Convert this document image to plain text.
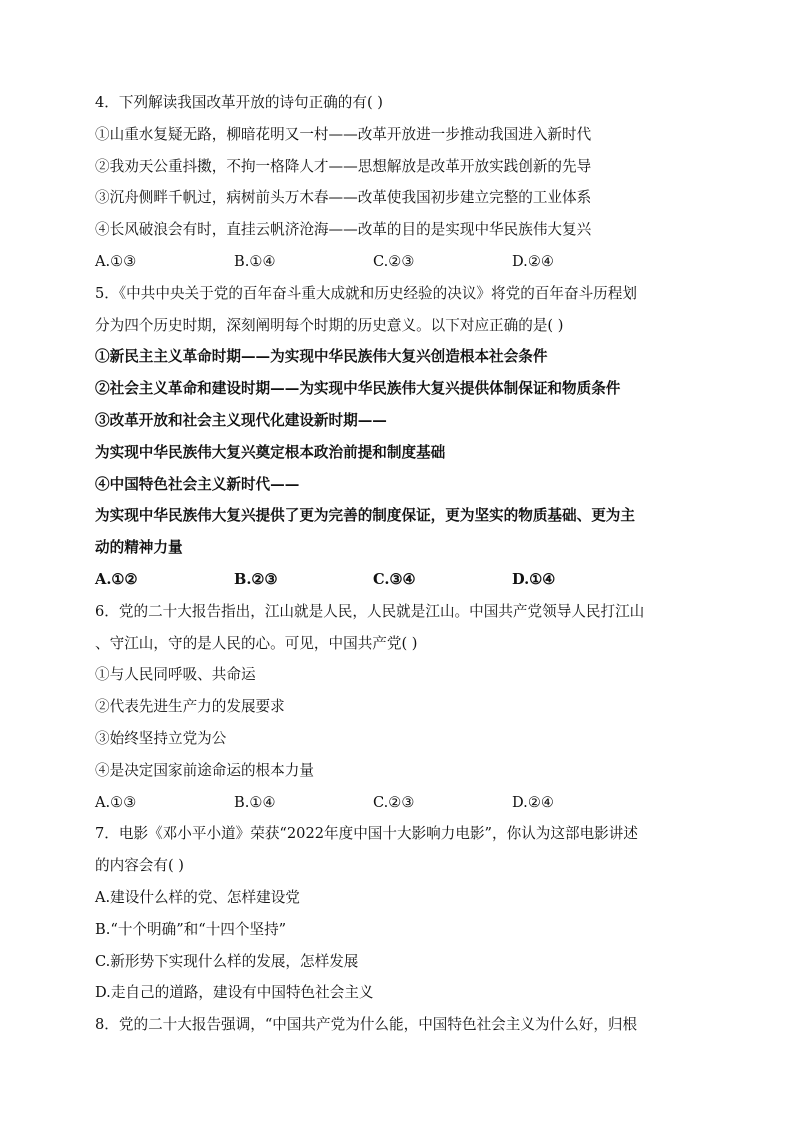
4．下列解读我国改革开放的诗句正确的有( )
①山重水复疑无路，柳暗花明又一村——改革开放进一步推动我国进入新时代
②我劝天公重抖擞，不拘一格降人才——思想解放是改革开放实践创新的先导
③沉舟侧畔千帆过，病树前头万木春——改革使我国初步建立完整的工业体系
④长风破浪会有时，直挂云帆济沧海——改革的目的是实现中华民族伟大复兴
A.①③	B.①④	C.②③	D.②④
5．《中共中央关于党的百年奋斗重大成就和历史经验的决议》将党的百年奋斗历程划
分为四个历史时期，深刻阐明每个时期的历史意义。以下对应正确的是( )
①新民主主义革命时期——为实现中华民族伟大复兴创造根本社会条件
②社会主义革命和建设时期——为实现中华民族伟大复兴提供体制保证和物质条件
③改革开放和社会主义现代化建设新时期——
为实现中华民族伟大复兴奠定根本政治前提和制度基础
④中国特色社会主义新时代——
为实现中华民族伟大复兴提供了更为完善的制度保证，更为坚实的物质基础、更为主
动的精神力量
A.①②	B.②③	C.③④	D.①④
6．党的二十大报告指出，江山就是人民，人民就是江山。中国共产党领导人民打江山
、守江山，守的是人民的心。可见，中国共产党( )
①与人民同呼吸、共命运
②代表先进生产力的发展要求
③始终坚持立党为公
④是决定国家前途命运的根本力量
A.①③	B.①④	C.②③	D.②④
7．电影《邓小平小道》荣获“2022年度中国十大影响力电影”，你认为这部电影讲述
的内容会有( )
A.建设什么样的党、怎样建设党
B.“十个明确”和“十四个坚持”
C.新形势下实现什么样的发展，怎样发展
D.走自己的道路，建设有中国特色社会主义
8．党的二十大报告强调，“中国共产党为什么能，中国特色社会主义为什么好，归根
